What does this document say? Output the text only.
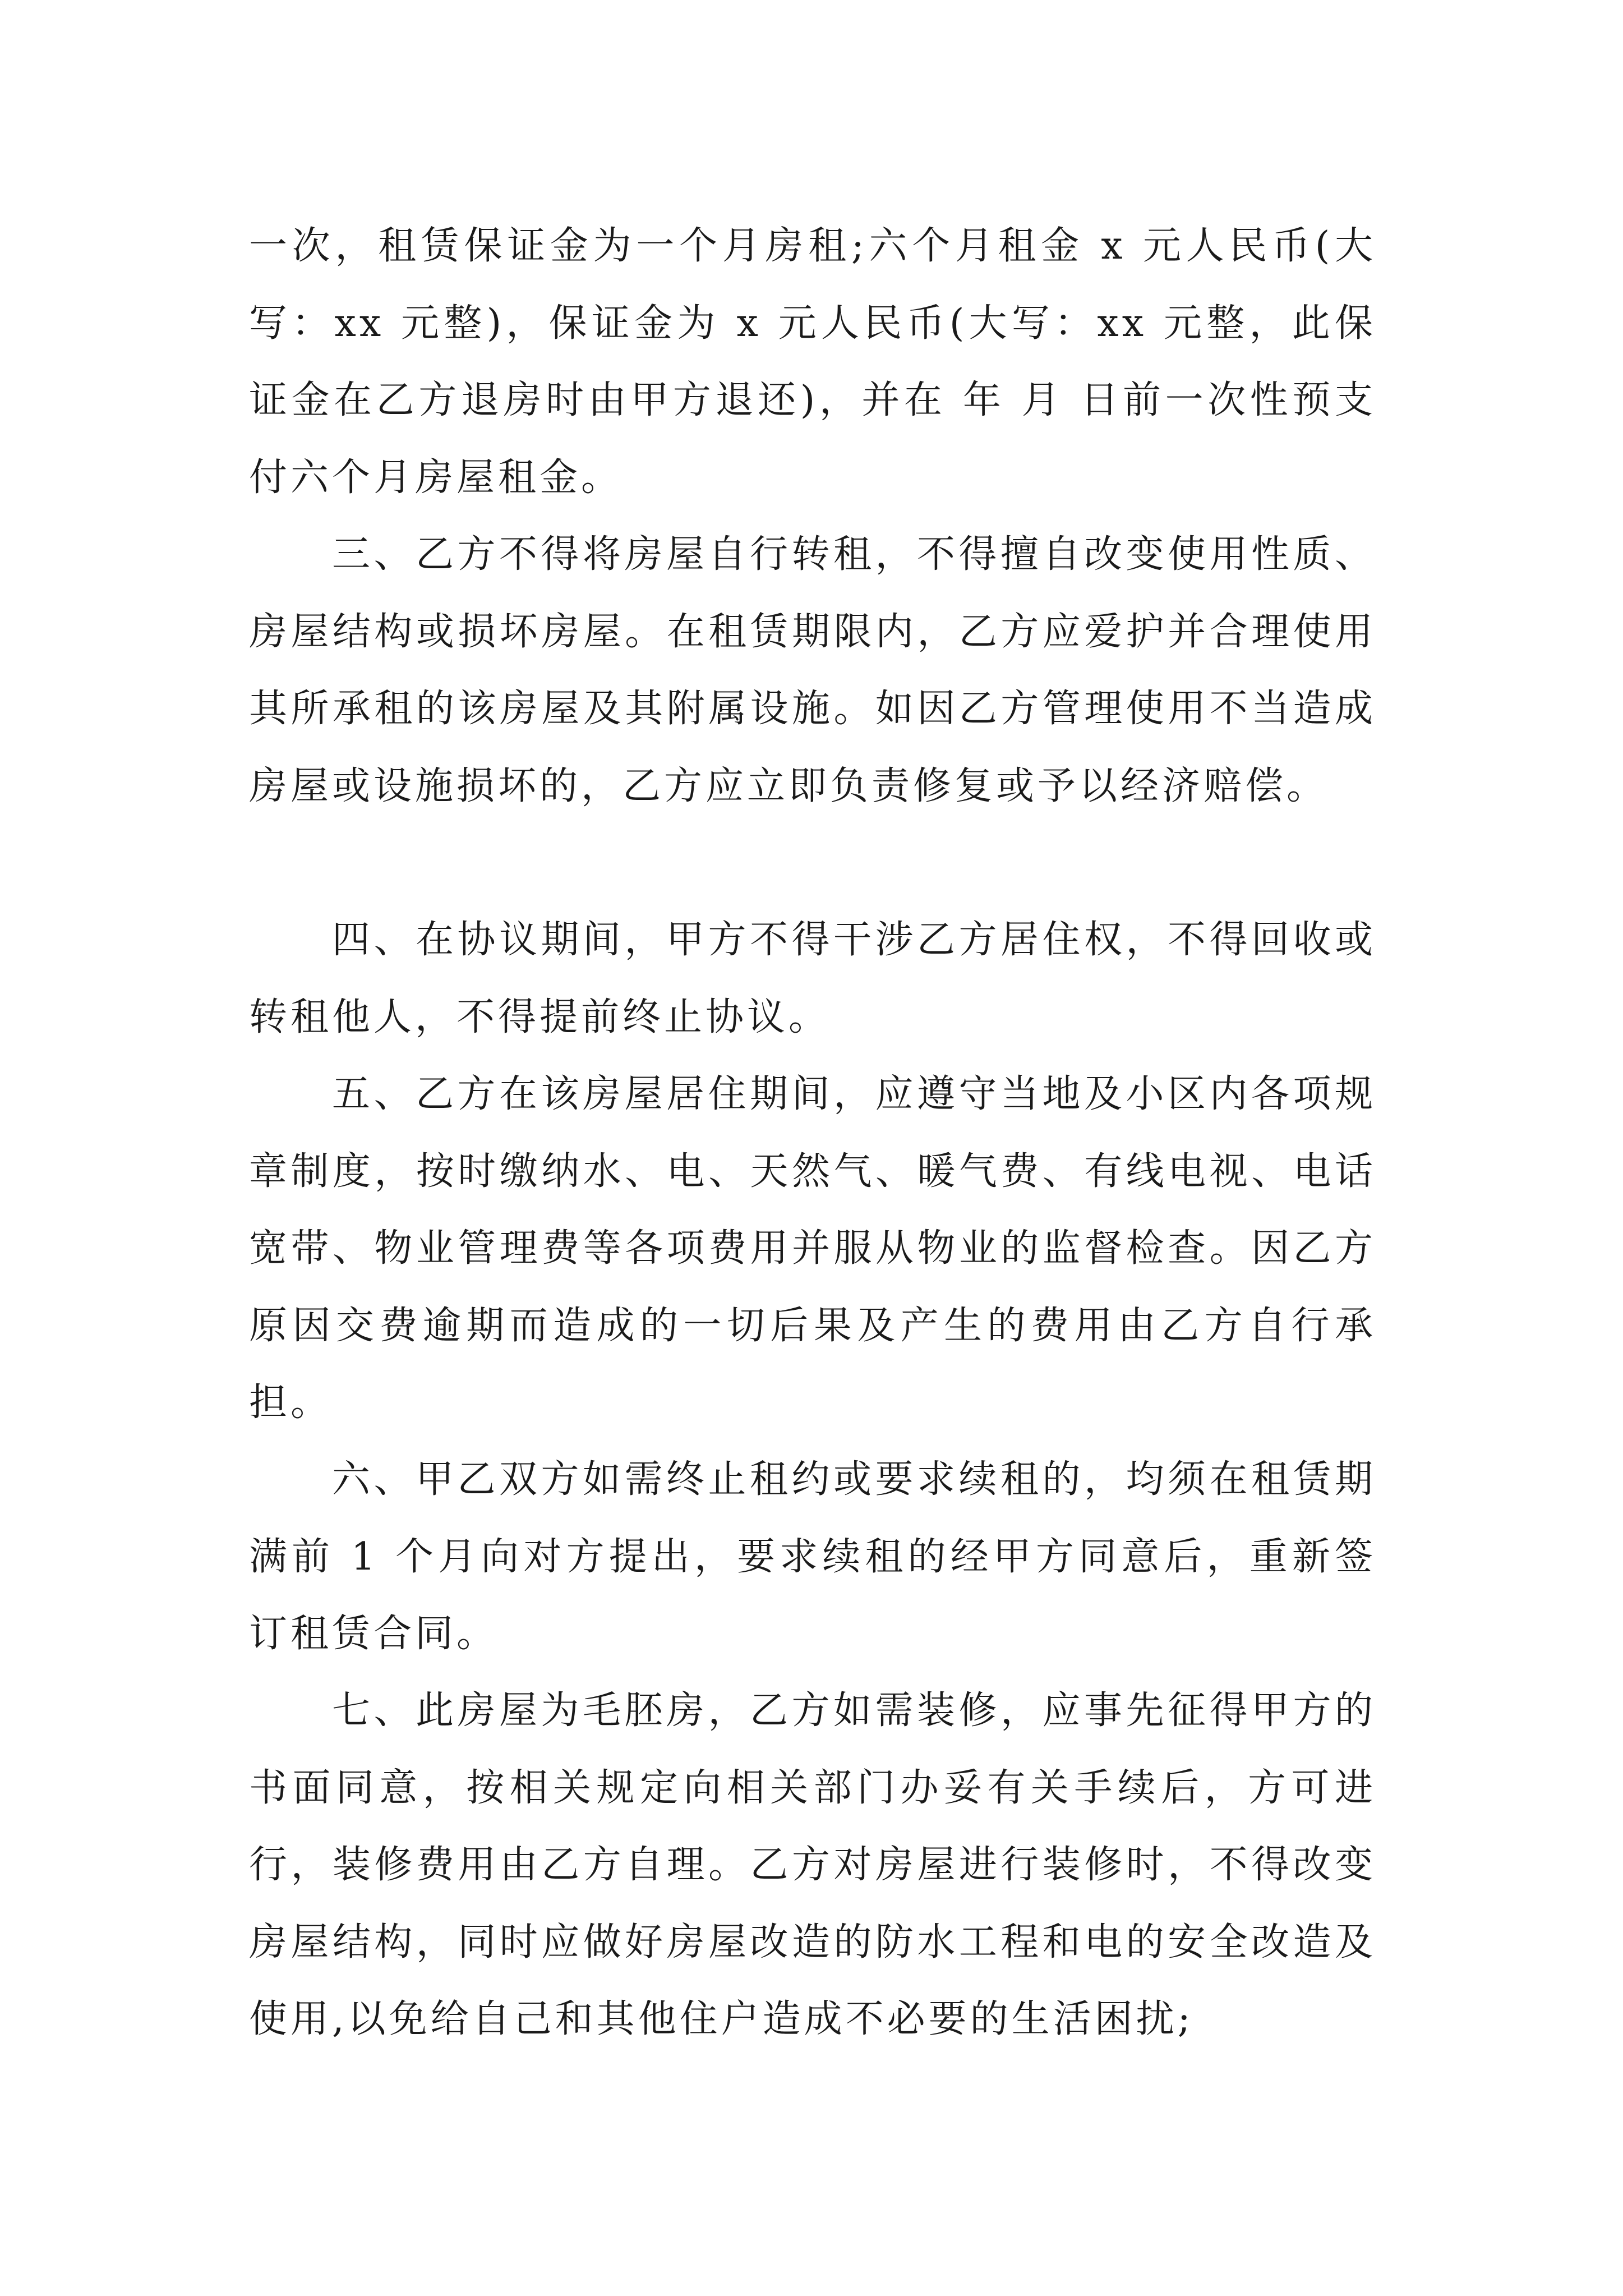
一次，租赁保证金为一个月房租;六个月租金 x 元人民币(大写：xx 元整)，保证金为 x 元人民币(大写：xx 元整，此保证金在乙方退房时由甲方退还)，并在 年 月 日前一次性预支付六个月房屋租金。

三、乙方不得将房屋自行转租，不得擅自改变使用性质、房屋结构或损坏房屋。在租赁期限内，乙方应爱护并合理使用其所承租的该房屋及其附属设施。如因乙方管理使用不当造成房屋或设施损坏的，乙方应立即负责修复或予以经济赔偿。

四、在协议期间，甲方不得干涉乙方居住权，不得回收或转租他人，不得提前终止协议。

五、乙方在该房屋居住期间，应遵守当地及小区内各项规章制度，按时缴纳水、电、天然气、暖气费、有线电视、电话宽带、物业管理费等各项费用并服从物业的监督检查。因乙方原因交费逾期而造成的一切后果及产生的费用由乙方自行承担。

六、甲乙双方如需终止租约或要求续租的，均须在租赁期满前 1 个月向对方提出，要求续租的经甲方同意后，重新签订租赁合同。

七、此房屋为毛胚房，乙方如需装修，应事先征得甲方的书面同意，按相关规定向相关部门办妥有关手续后，方可进行，装修费用由乙方自理。乙方对房屋进行装修时，不得改变房屋结构，同时应做好房屋改造的防水工程和电的安全改造及使用,以免给自己和其他住户造成不必要的生活困扰;
